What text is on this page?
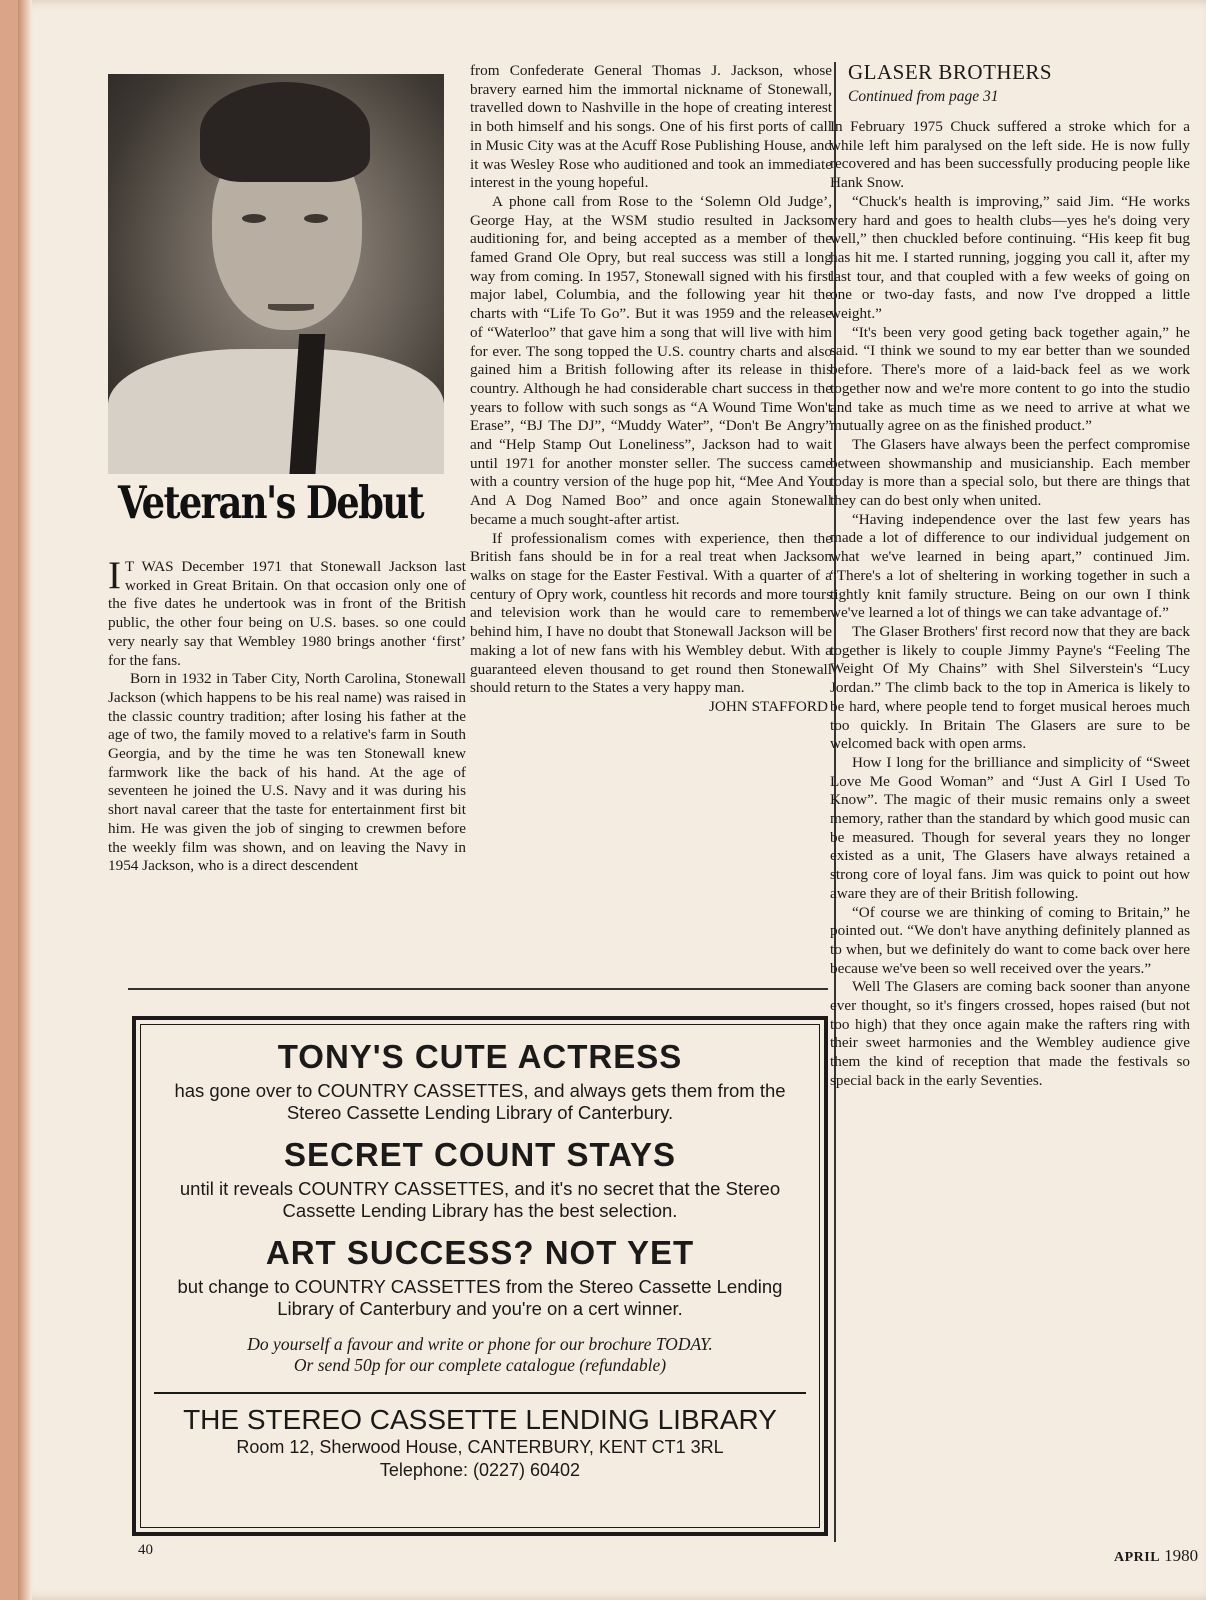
Veteran's Debut

I T WAS December 1971 that Stonewall Jackson last worked in Great Britain. On that occasion only one of the five dates he undertook was in front of the British public, the other four being on U.S. bases. so one could very nearly say that Wembley 1980 brings another ‘first’ for the fans.

Born in 1932 in Taber City, North Carolina, Stonewall Jackson (which happens to be his real name) was raised in the classic country tradition; after losing his father at the age of two, the family moved to a relative's farm in South Georgia, and by the time he was ten Stonewall knew farmwork like the back of his hand. At the age of seventeen he joined the U.S. Navy and it was during his short naval career that the taste for entertainment first bit him. He was given the job of singing to crewmen before the weekly film was shown, and on leaving the Navy in 1954 Jackson, who is a direct descendent

from Confederate General Thomas J. Jackson, whose bravery earned him the immortal nickname of Stonewall, travelled down to Nashville in the hope of creating interest in both himself and his songs. One of his first ports of call in Music City was at the Acuff Rose Publishing House, and it was Wesley Rose who auditioned and took an immediate interest in the young hopeful.

A phone call from Rose to the ‘Solemn Old Judge’, George Hay, at the WSM studio resulted in Jackson auditioning for, and being accepted as a member of the famed Grand Ole Opry, but real success was still a long way from coming. In 1957, Stonewall signed with his first major label, Columbia, and the following year hit the charts with “Life To Go”. But it was 1959 and the release of “Waterloo” that gave him a song that will live with him for ever. The song topped the U.S. country charts and also gained him a British following after its release in this country. Although he had considerable chart success in the years to follow with such songs as “A Wound Time Won't Erase”, “BJ The DJ”, “Muddy Water”, “Don't Be Angry” and “Help Stamp Out Loneliness”, Jackson had to wait until 1971 for another monster seller. The success came with a country version of the huge pop hit, “Mee And You And A Dog Named Boo” and once again Stonewall became a much sought-after artist.

If professionalism comes with experience, then the British fans should be in for a real treat when Jackson walks on stage for the Easter Festival. With a quarter of a century of Opry work, countless hit records and more tours and television work than he would care to remember behind him, I have no doubt that Stonewall Jackson will be making a lot of new fans with his Wembley debut. With a guaranteed eleven thousand to get round then Stonewall should return to the States a very happy man.

JOHN STAFFORD

GLASER BROTHERS
Continued from page 31

In February 1975 Chuck suffered a stroke which for a while left him paralysed on the left side. He is now fully recovered and has been successfully producing people like Hank Snow.

“Chuck's health is improving,” said Jim. “He works very hard and goes to health clubs—yes he's doing very well,” then chuckled before continuing. “His keep fit bug has hit me. I started running, jogging you call it, after my last tour, and that coupled with a few weeks of going on one or two-day fasts, and now I've dropped a little weight.”

“It's been very good geting back together again,” he said. “I think we sound to my ear better than we sounded before. There's more of a laid-back feel as we work together now and we're more content to go into the studio and take as much time as we need to arrive at what we mutually agree on as the finished product.”

The Glasers have always been the perfect compromise between showmanship and musicianship. Each member today is more than a special solo, but there are things that they can do best only when united.

“Having independence over the last few years has made a lot of difference to our individual judgement on what we've learned in being apart,” continued Jim. “There's a lot of sheltering in working together in such a tightly knit family structure. Being on our own I think we've learned a lot of things we can take advantage of.”

The Glaser Brothers' first record now that they are back together is likely to couple Jimmy Payne's “Feeling The Weight Of My Chains” with Shel Silverstein's “Lucy Jordan.” The climb back to the top in America is likely to be hard, where people tend to forget musical heroes much too quickly. In Britain The Glasers are sure to be welcomed back with open arms.

How I long for the brilliance and simplicity of “Sweet Love Me Good Woman” and “Just A Girl I Used To Know”. The magic of their music remains only a sweet memory, rather than the standard by which good music can be measured. Though for several years they no longer existed as a unit, The Glasers have always retained a strong core of loyal fans. Jim was quick to point out how aware they are of their British following.

“Of course we are thinking of coming to Britain,” he pointed out. “We don't have anything definitely planned as to when, but we definitely do want to come back over here because we've been so well received over the years.”

Well The Glasers are coming back sooner than anyone ever thought, so it's fingers crossed, hopes raised (but not too high) that they once again make the rafters ring with their sweet harmonies and the Wembley audience give them the kind of reception that made the festivals so special back in the early Seventies.

TONY'S CUTE ACTRESS
has gone over to COUNTRY CASSETTES, and always gets them from the Stereo Cassette Lending Library of Canterbury.
SECRET COUNT STAYS
until it reveals COUNTRY CASSETTES, and it's no secret that the Stereo Cassette Lending Library has the best selection.
ART SUCCESS? NOT YET
but change to COUNTRY CASSETTES from the Stereo Cassette Lending Library of Canterbury and you're on a cert winner.
Do yourself a favour and write or phone for our brochure TODAY.
Or send 50p for our complete catalogue (refundable)
THE STEREO CASSETTE LENDING LIBRARY
Room 12, Sherwood House, CANTERBURY, KENT CT1 3RL
Telephone: (0227) 60402
40	APRIL 1980
